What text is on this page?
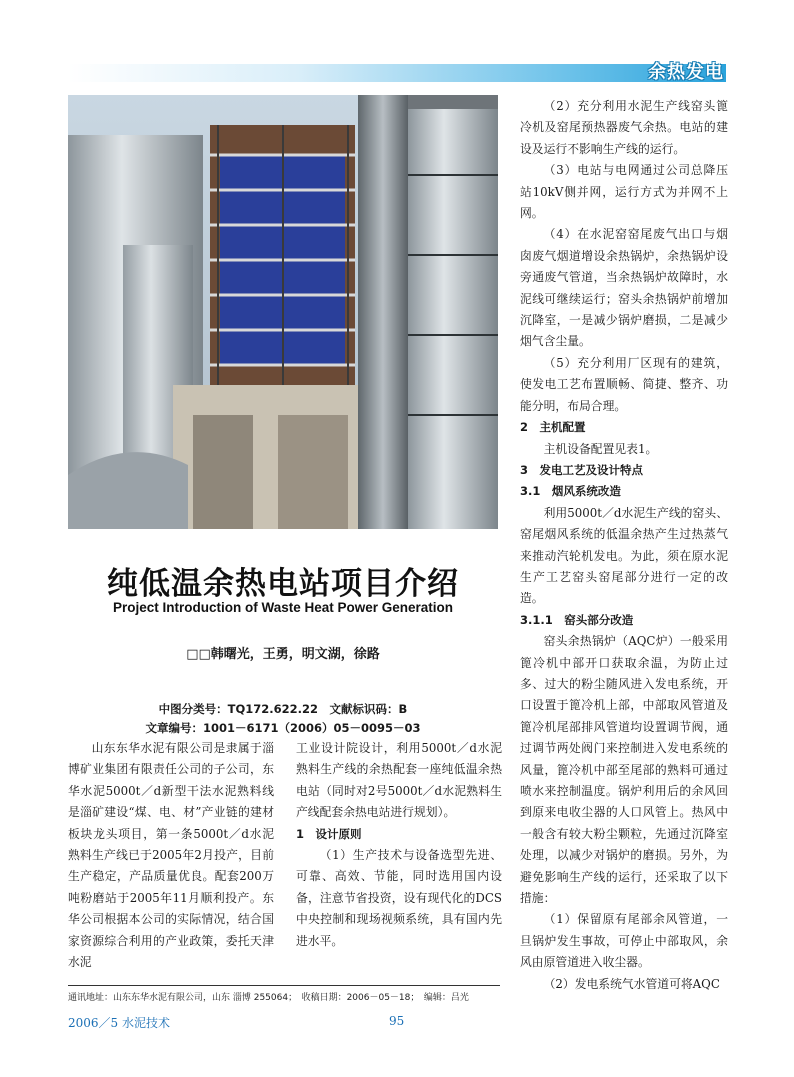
余热发电
纯低温余热电站项目介绍
Project Introduction of Waste Heat Power Generation
□□韩曙光，王勇，明文湖，徐路
中图分类号：TQ172.622.22　文献标识码：B
文章编号：1001－6171（2006）05－0095－03

山东东华水泥有限公司是隶属于淄博矿业集团有限责任公司的子公司，东华水泥5000t／d新型干法水泥熟料线是淄矿建设“煤、电、材”产业链的建材板块龙头项目，第一条5000t／d水泥熟料生产线已于2005年2月投产，目前生产稳定，产品质量优良。配套200万吨粉磨站于2005年11月顺利投产。东华公司根据本公司的实际情况，结合国家资源综合利用的产业政策，委托天津水泥

工业设计院设计，利用5000t／d水泥熟料生产线的余热配套一座纯低温余热电站（同时对2号5000t／d水泥熟料生产线配套余热电站进行规划）。

1　设计原则

（1）生产技术与设备选型先进、可靠、高效、节能，同时选用国内设备，注意节省投资，设有现代化的DCS中央控制和现场视频系统，具有国内先进水平。

（2）充分利用水泥生产线窑头篦冷机及窑尾预热器废气余热。电站的建设及运行不影响生产线的运行。

（3）电站与电网通过公司总降压站10kV侧并网，运行方式为并网不上网。

（4）在水泥窑窑尾废气出口与烟囱废气烟道增设余热锅炉，余热锅炉设旁通废气管道，当余热锅炉故障时，水泥线可继续运行；窑头余热锅炉前增加沉降室，一是减少锅炉磨损，二是减少烟气含尘量。

（5）充分利用厂区现有的建筑，使发电工艺布置顺畅、简捷、整齐、功能分明，布局合理。

2　主机配置

主机设备配置见表1。

3　发电工艺及设计特点

3.1　烟风系统改造

利用5000t／d水泥生产线的窑头、窑尾烟风系统的低温余热产生过热蒸气来推动汽轮机发电。为此，须在原水泥生产工艺窑头窑尾部分进行一定的改造。

3.1.1　窑头部分改造

窑头余热锅炉（AQC炉）一般采用篦冷机中部开口获取余温，为防止过多、过大的粉尘随风进入发电系统，开口设置于篦冷机上部，中部取风管道及篦冷机尾部排风管道均设置调节阀，通过调节两处阀门来控制进入发电系统的风量，篦冷机中部至尾部的熟料可通过喷水来控制温度。锅炉利用后的余风回到原来电收尘器的人口风管上。热风中一般含有较大粉尘颗粒，先通过沉降室处理，以减少对锅炉的磨损。另外，为避免影响生产线的运行，还采取了以下措施：

（1）保留原有尾部余风管道，一旦锅炉发生事故，可停止中部取风，余风由原管道进入收尘器。

（2）发电系统气水管道可将AQC

通讯地址：山东东华水泥有限公司，山东 淄博 255064；　收稿日期：2006－05－18；　编辑：吕光
2006／5 水泥技术	95
